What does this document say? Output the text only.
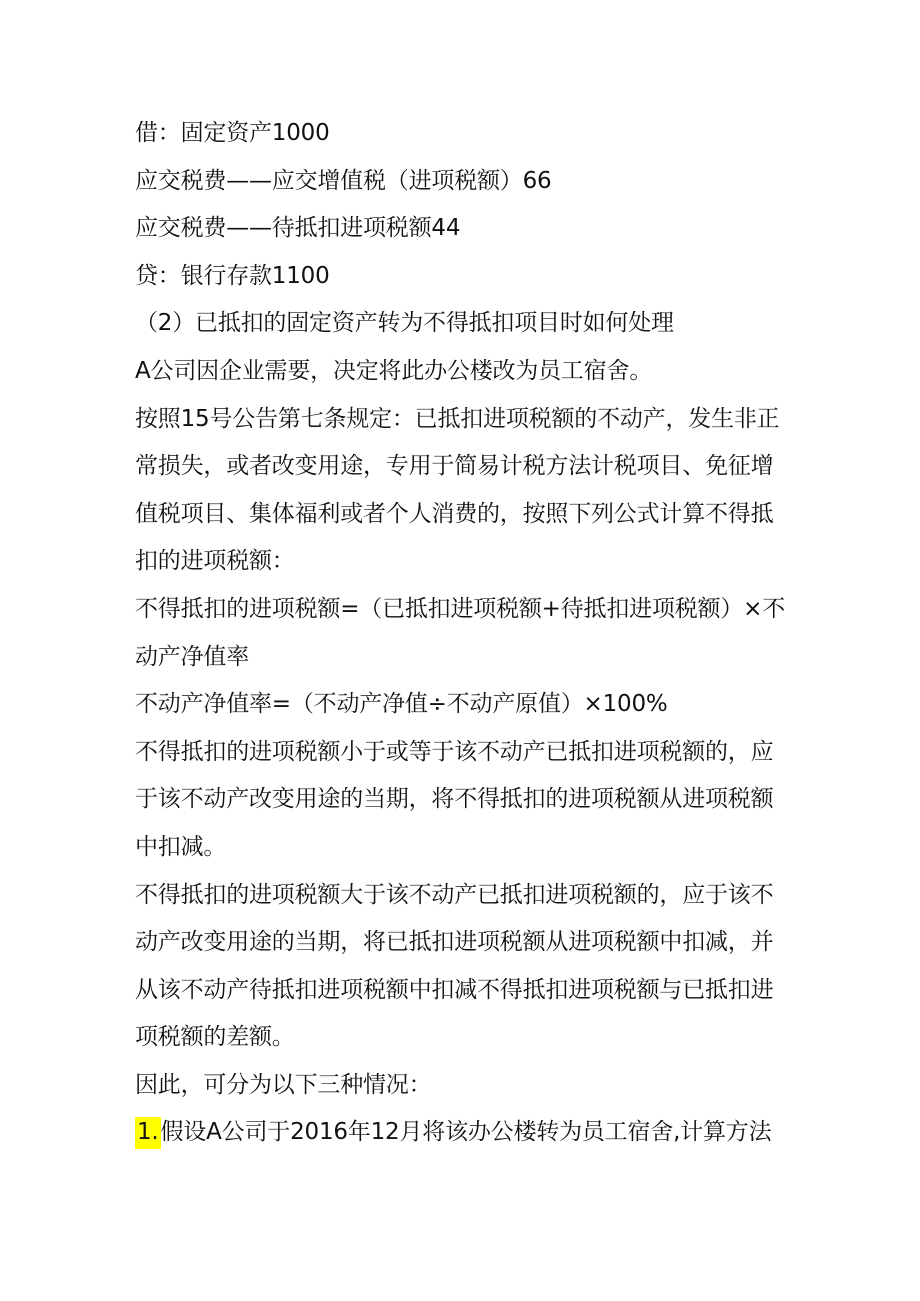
借：固定资产1000
应交税费——应交增值税（进项税额）66
应交税费——待抵扣进项税额44
贷：银行存款1100
（2）已抵扣的固定资产转为不得抵扣项目时如何处理
A公司因企业需要，决定将此办公楼改为员工宿舍。

按照15号公告第七条规定：已抵扣进项税额的不动产，发生非正
常损失，或者改变用途，专用于简易计税方法计税项目、免征增
值税项目、集体福利或者个人消费的，按照下列公式计算不得抵
扣的进项税额：

不得抵扣的进项税额=（已抵扣进项税额+待抵扣进项税额）×不
动产净值率

不动产净值率=（不动产净值÷不动产原值）×100%

不得抵扣的进项税额小于或等于该不动产已抵扣进项税额的，应
于该不动产改变用途的当期，将不得抵扣的进项税额从进项税额
中扣减。

不得抵扣的进项税额大于该不动产已抵扣进项税额的，应于该不
动产改变用途的当期，将已抵扣进项税额从进项税额中扣减，并
从该不动产待抵扣进项税额中扣减不得抵扣进项税额与已抵扣进
项税额的差额。

因此，可分为以下三种情况：
1.假设A公司于2016年12月将该办公楼转为员工宿舍,计算方法
